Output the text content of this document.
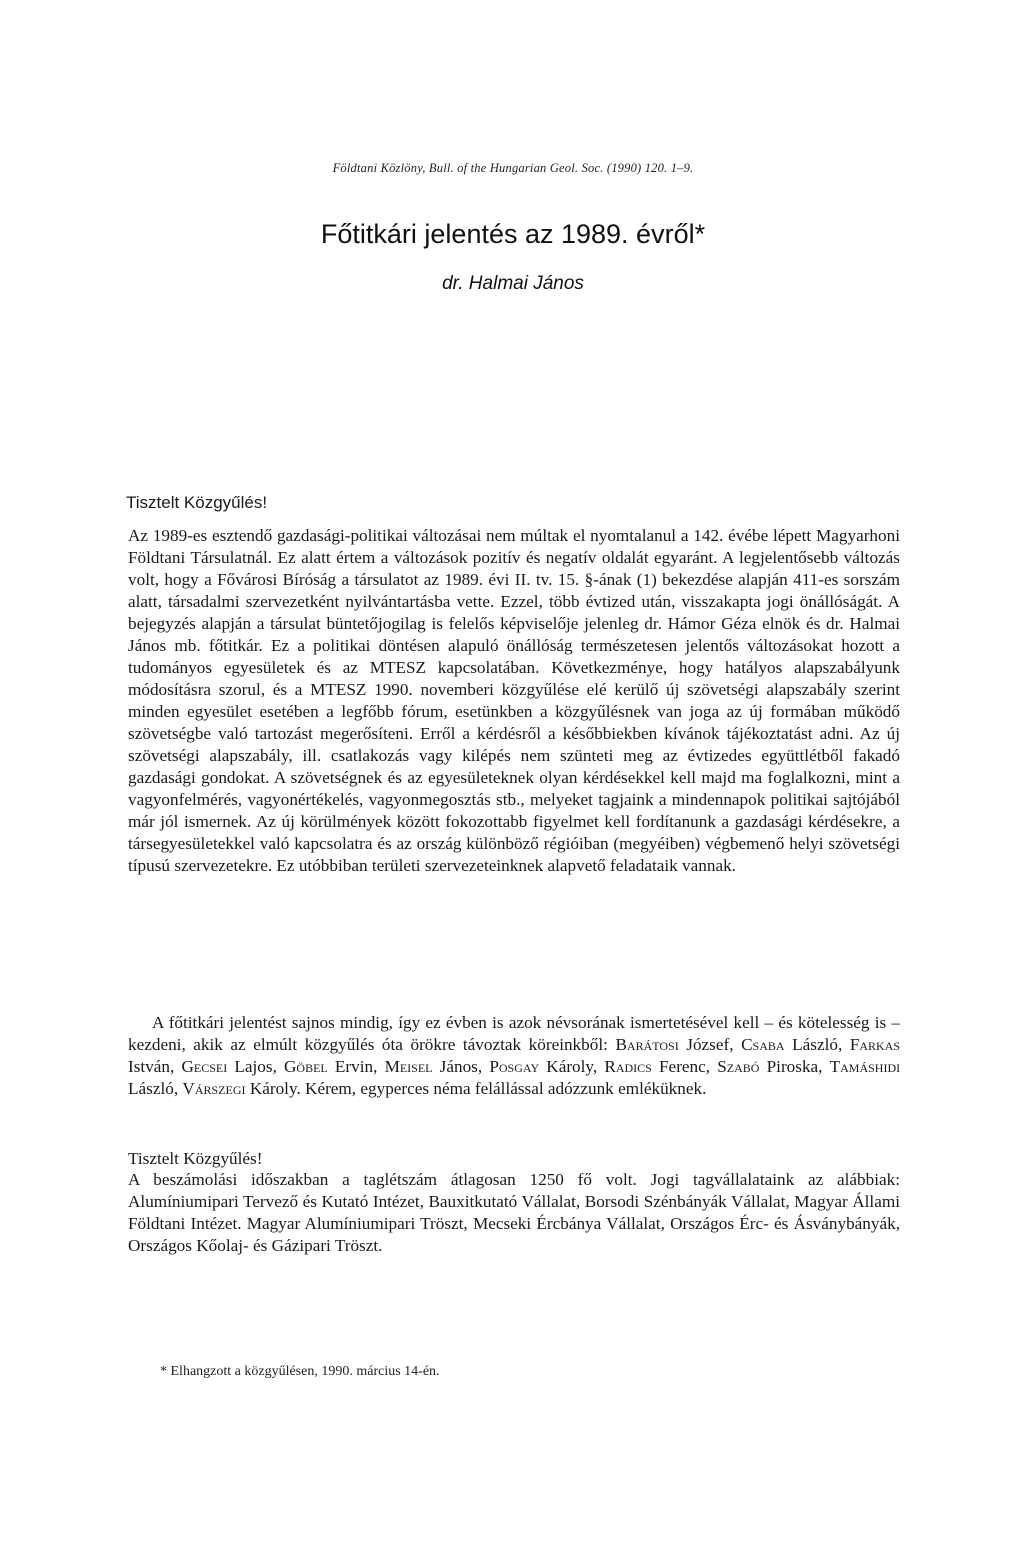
Földtani Közlöny, Bull. of the Hungarian Geol. Soc. (1990) 120. 1–9.
Főtitkári jelentés az 1989. évről*
dr. Halmai János

Tisztelt Közgyűlés!

Az 1989-es esztendő gazdasági-politikai változásai nem múltak el nyomtalanul a 142. évébe lépett Magyarhoni Földtani Társulatnál. Ez alatt értem a változások pozitív és negatív oldalát egyaránt. A legjelentősebb változás volt, hogy a Fővárosi Bíróság a társulatot az 1989. évi II. tv. 15. §-ának (1) bekezdése alapján 411-es sorszám alatt, társadalmi szervezetként nyilvántartásba vette. Ezzel, több évtized után, visszakapta jogi önállóságát. A bejegyzés alapján a társulat büntetőjogilag is felelős képviselője jelenleg dr. Hámor Géza elnök és dr. Halmai János mb. főtitkár. Ez a politikai döntésen alapuló önállóság természetesen jelentős változásokat hozott a tudományos egyesületek és az MTESZ kapcsolatában. Következménye, hogy hatályos alapszabályunk módosításra szorul, és a MTESZ 1990. novemberi közgyűlése elé kerülő új szövetségi alapszabály szerint minden egyesület esetében a legfőbb fórum, esetünkben a közgyűlésnek van joga az új formában működő szövetségbe való tartozást megerősíteni. Erről a kérdésről a későbbiekben kívánok tájékoztatást adni. Az új szövetségi alapszabály, ill. csatlakozás vagy kilépés nem szünteti meg az évtizedes együttlétből fakadó gazdasági gondokat. A szövetségnek és az egyesületeknek olyan kérdésekkel kell majd ma foglalkozni, mint a vagyonfelmérés, vagyonértékelés, vagyonmegosztás stb., melyeket tagjaink a mindennapok politikai sajtójából már jól ismernek. Az új körülmények között fokozottabb figyelmet kell fordítanunk a gazdasági kérdésekre, a társegyesületekkel való kapcsolatra és az ország különböző régióiban (megyéiben) végbemenő helyi szövetségi típusú szervezetekre. Ez utóbbiban területi szervezeteinknek alapvető feladataik vannak.

A főtitkári jelentést sajnos mindig, így ez évben is azok névsorának ismertetésével kell – és kötelesség is – kezdeni, akik az elmúlt közgyűlés óta örökre távoztak köreinkből: Barátosi József, Csaba László, Farkas István, Gecsei Lajos, Göbel Ervin, Meisel János, Posgay Károly, Radics Ferenc, Szabó Piroska, Tamáshidi László, Várszegi Károly. Kérem, egyperces néma felállással adózzunk emléküknek.

Tisztelt Közgyűlés!

A beszámolási időszakban a taglétszám átlagosan 1250 fő volt. Jogi tagvállalataink az alábbiak: Alumíniumipari Tervező és Kutató Intézet, Bauxitkutató Vállalat, Borsodi Szénbányák Vállalat, Magyar Állami Földtani Intézet. Magyar Alumíniumipari Tröszt, Mecseki Ércbánya Vállalat, Országos Érc- és Ásványbányák, Országos Kőolaj- és Gázipari Tröszt.

* Elhangzott a közgyűlésen, 1990. március 14-én.
